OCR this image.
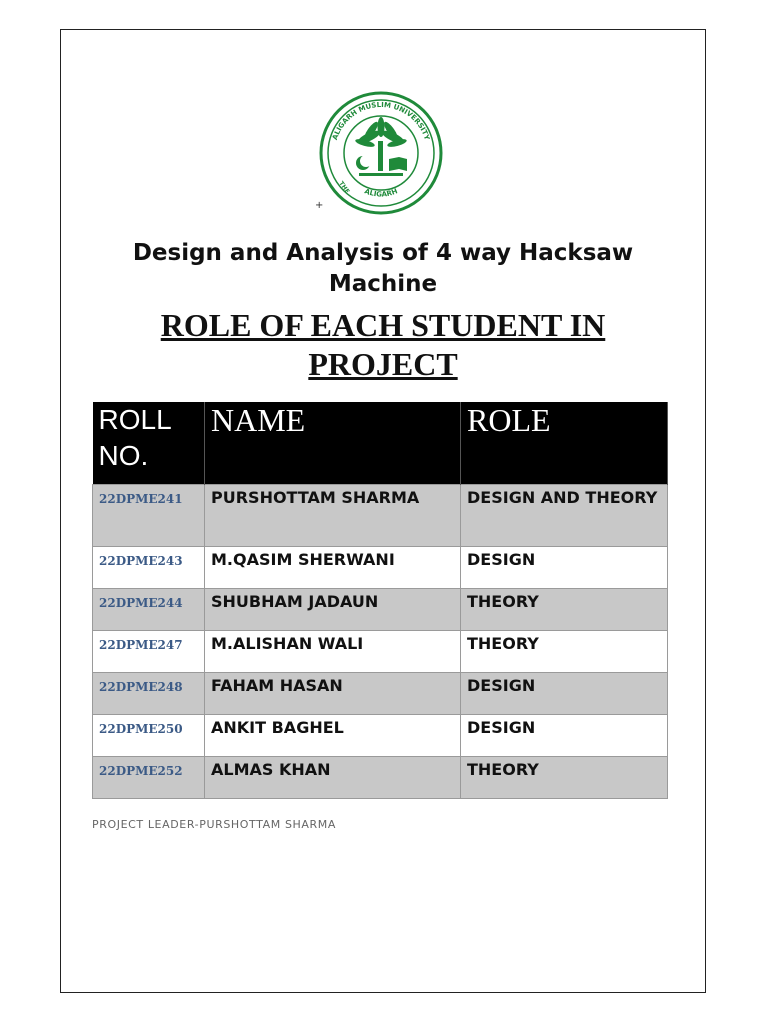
ALIGARH MUSLIM UNIVERSITY
ALIGARH
THE
+
Design and Analysis of 4 way Hacksaw Machine
ROLE OF EACH STUDENT IN PROJECT
ROLL NO.	NAME	ROLE
22DPME241	PURSHOTTAM SHARMA	DESIGN AND THEORY
22DPME243	M.QASIM SHERWANI	DESIGN
22DPME244	SHUBHAM JADAUN	THEORY
22DPME247	M.ALISHAN WALI	THEORY
22DPME248	FAHAM HASAN	DESIGN
22DPME250	ANKIT BAGHEL	DESIGN
22DPME252	ALMAS KHAN	THEORY
PROJECT LEADER-PURSHOTTAM SHARMA
